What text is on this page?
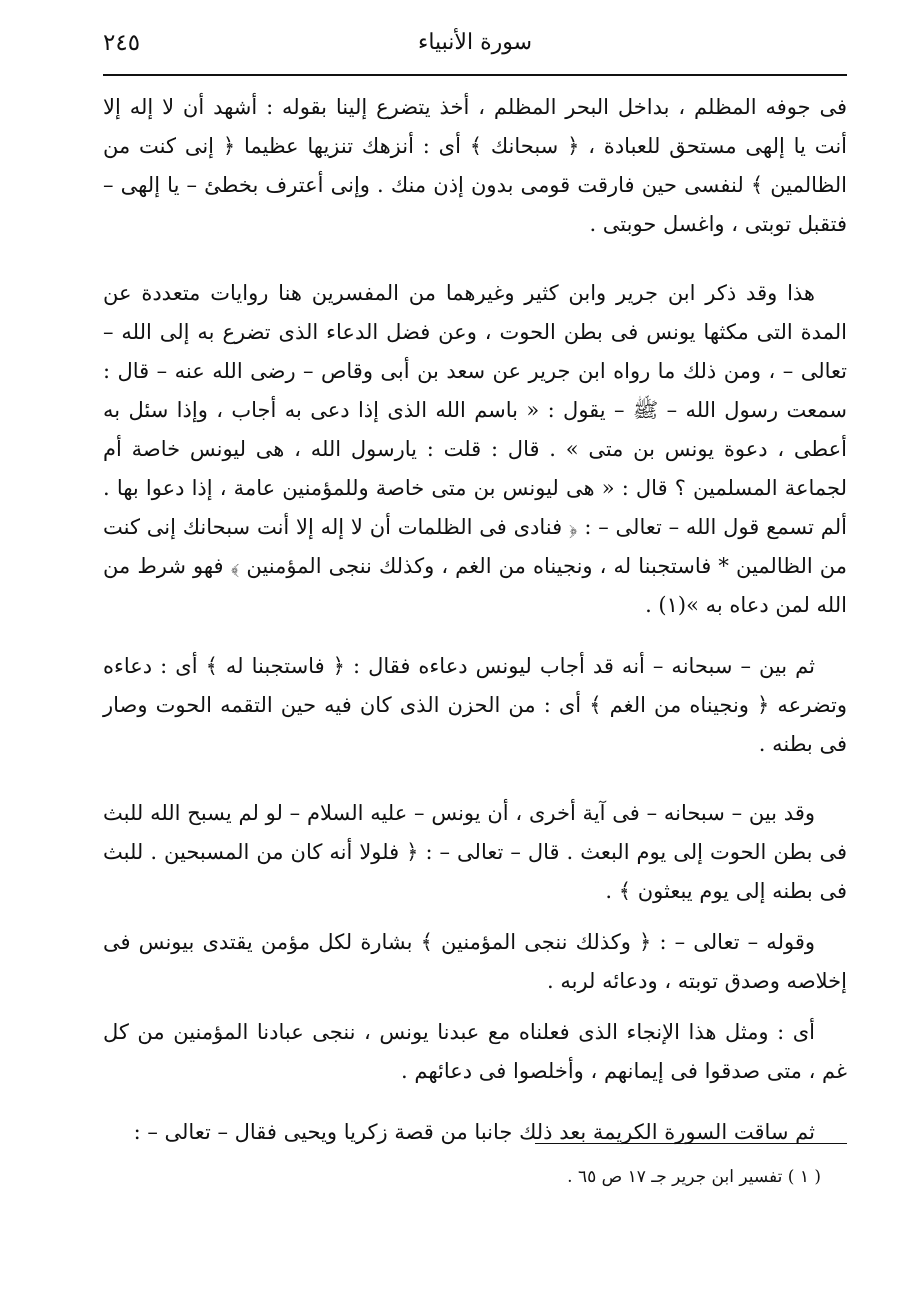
٢٤٥	سورة الأنبياء

فى جوفه المظلم ، بداخل البحر المظلم ، أخذ يتضرع إلينا بقوله : أشهد أن لا إله إلا أنت يا إلهى مستحق للعبادة ، ﴿ سبحانك ﴾ أى : أنزهك تنزيها عظيما ﴿ إنى كنت من الظالمين ﴾ لنفسى حين فارقت قومى بدون إذن منك . وإنى أعترف بخطئ – يا إلهى – فتقبل توبتى ، واغسل حوبتى .

هذا وقد ذكر ابن جرير وابن كثير وغيرهما من المفسرين هنا روايات متعددة عن المدة التى مكثها يونس فى بطن الحوت ، وعن فضل الدعاء الذى تضرع به إلى الله – تعالى – ، ومن ذلك ما رواه ابن جرير عن سعد بن أبى وقاص – رضى الله عنه – قال : سمعت رسول الله – ﷺ – يقول : « باسم الله الذى إذا دعى به أجاب ، وإذا سئل به أعطى ، دعوة يونس بن متى » . قال : قلت : يارسول الله ، هى ليونس خاصة أم لجماعة المسلمين ؟ قال : « هى ليونس بن متى خاصة وللمؤمنين عامة ، إذا دعوا بها . ألم تسمع قول الله – تعالى – : ﴿ فنادى فى الظلمات أن لا إله إلا أنت سبحانك إنى كنت من الظالمين * فاستجبنا له ، ونجيناه من الغم ، وكذلك ننجى المؤمنين ﴾ فهو شرط من الله لمن دعاه به »(١) .

ثم بين – سبحانه – أنه قد أجاب ليونس دعاءه فقال : ﴿ فاستجبنا له ﴾ أى : دعاءه وتضرعه ﴿ ونجيناه من الغم ﴾ أى : من الحزن الذى كان فيه حين التقمه الحوت وصار فى بطنه .

وقد بين – سبحانه – فى آية أخرى ، أن يونس – عليه السلام – لو لم يسبح الله للبث فى بطن الحوت إلى يوم البعث . قال – تعالى – : ﴿ فلولا أنه كان من المسبحين . للبث فى بطنه إلى يوم يبعثون ﴾ .

وقوله – تعالى – : ﴿ وكذلك ننجى المؤمنين ﴾ بشارة لكل مؤمن يقتدى بيونس فى إخلاصه وصدق توبته ، ودعائه لربه .

أى : ومثل هذا الإنجاء الذى فعلناه مع عبدنا يونس ، ننجى عبادنا المؤمنين من كل غم ، متى صدقوا فى إيمانهم ، وأخلصوا فى دعائهم .

ثم ساقت السورة الكريمة بعد ذلك جانبا من قصة زكريا ويحيى فقال – تعالى – :

( ١ ) تفسير ابن جرير جـ ١٧ ص ٦٥ .
